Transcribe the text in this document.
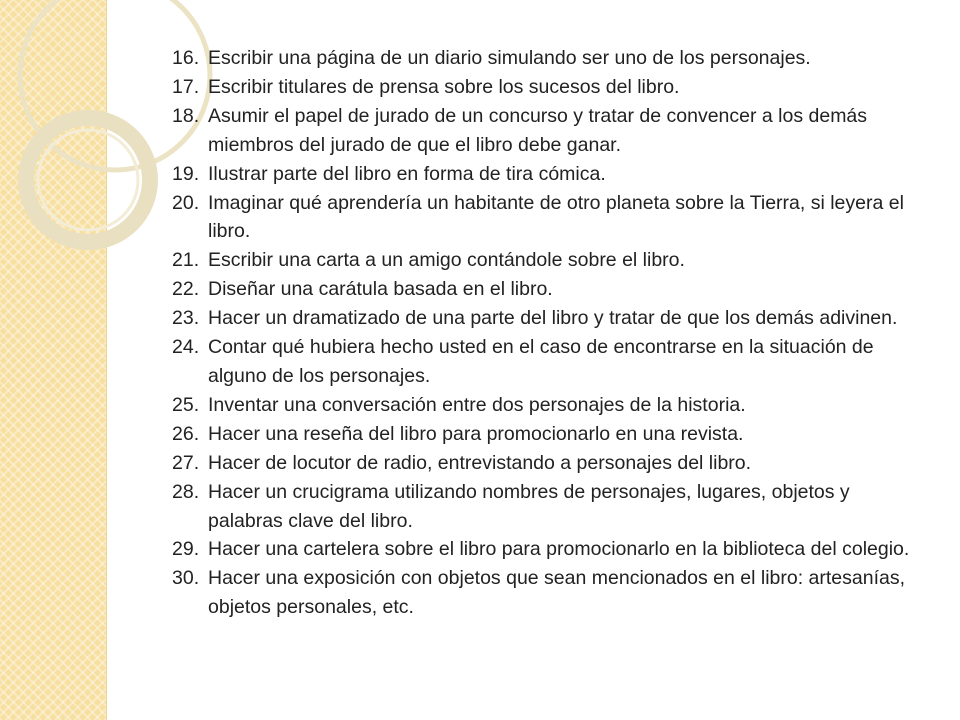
16. Escribir una página de un diario simulando ser uno de los personajes.
17. Escribir titulares de prensa sobre los sucesos del libro.
18. Asumir el papel de jurado de un concurso y tratar de convencer a los demás miembros del jurado de que el libro debe ganar.
19. Ilustrar parte del libro en forma de tira cómica.
20. Imaginar qué aprendería un habitante de otro planeta sobre la Tierra, si leyera el libro.
21. Escribir una carta a un amigo contándole sobre el libro.
22. Diseñar una carátula basada en el libro.
23. Hacer un dramatizado de una parte del libro y tratar de que los demás adivinen.
24. Contar qué hubiera hecho usted en el caso de encontrarse en la situación de alguno de los personajes.
25. Inventar una conversación entre dos personajes de la historia.
26. Hacer una reseña del libro para promocionarlo en una revista.
27. Hacer de locutor de radio, entrevistando a personajes del libro.
28. Hacer un crucigrama utilizando nombres de personajes, lugares, objetos y palabras clave del libro.
29. Hacer una cartelera sobre el libro para promocionarlo en la biblioteca del colegio.
30. Hacer una exposición con objetos que sean mencionados en el libro: artesanías, objetos personales, etc.
